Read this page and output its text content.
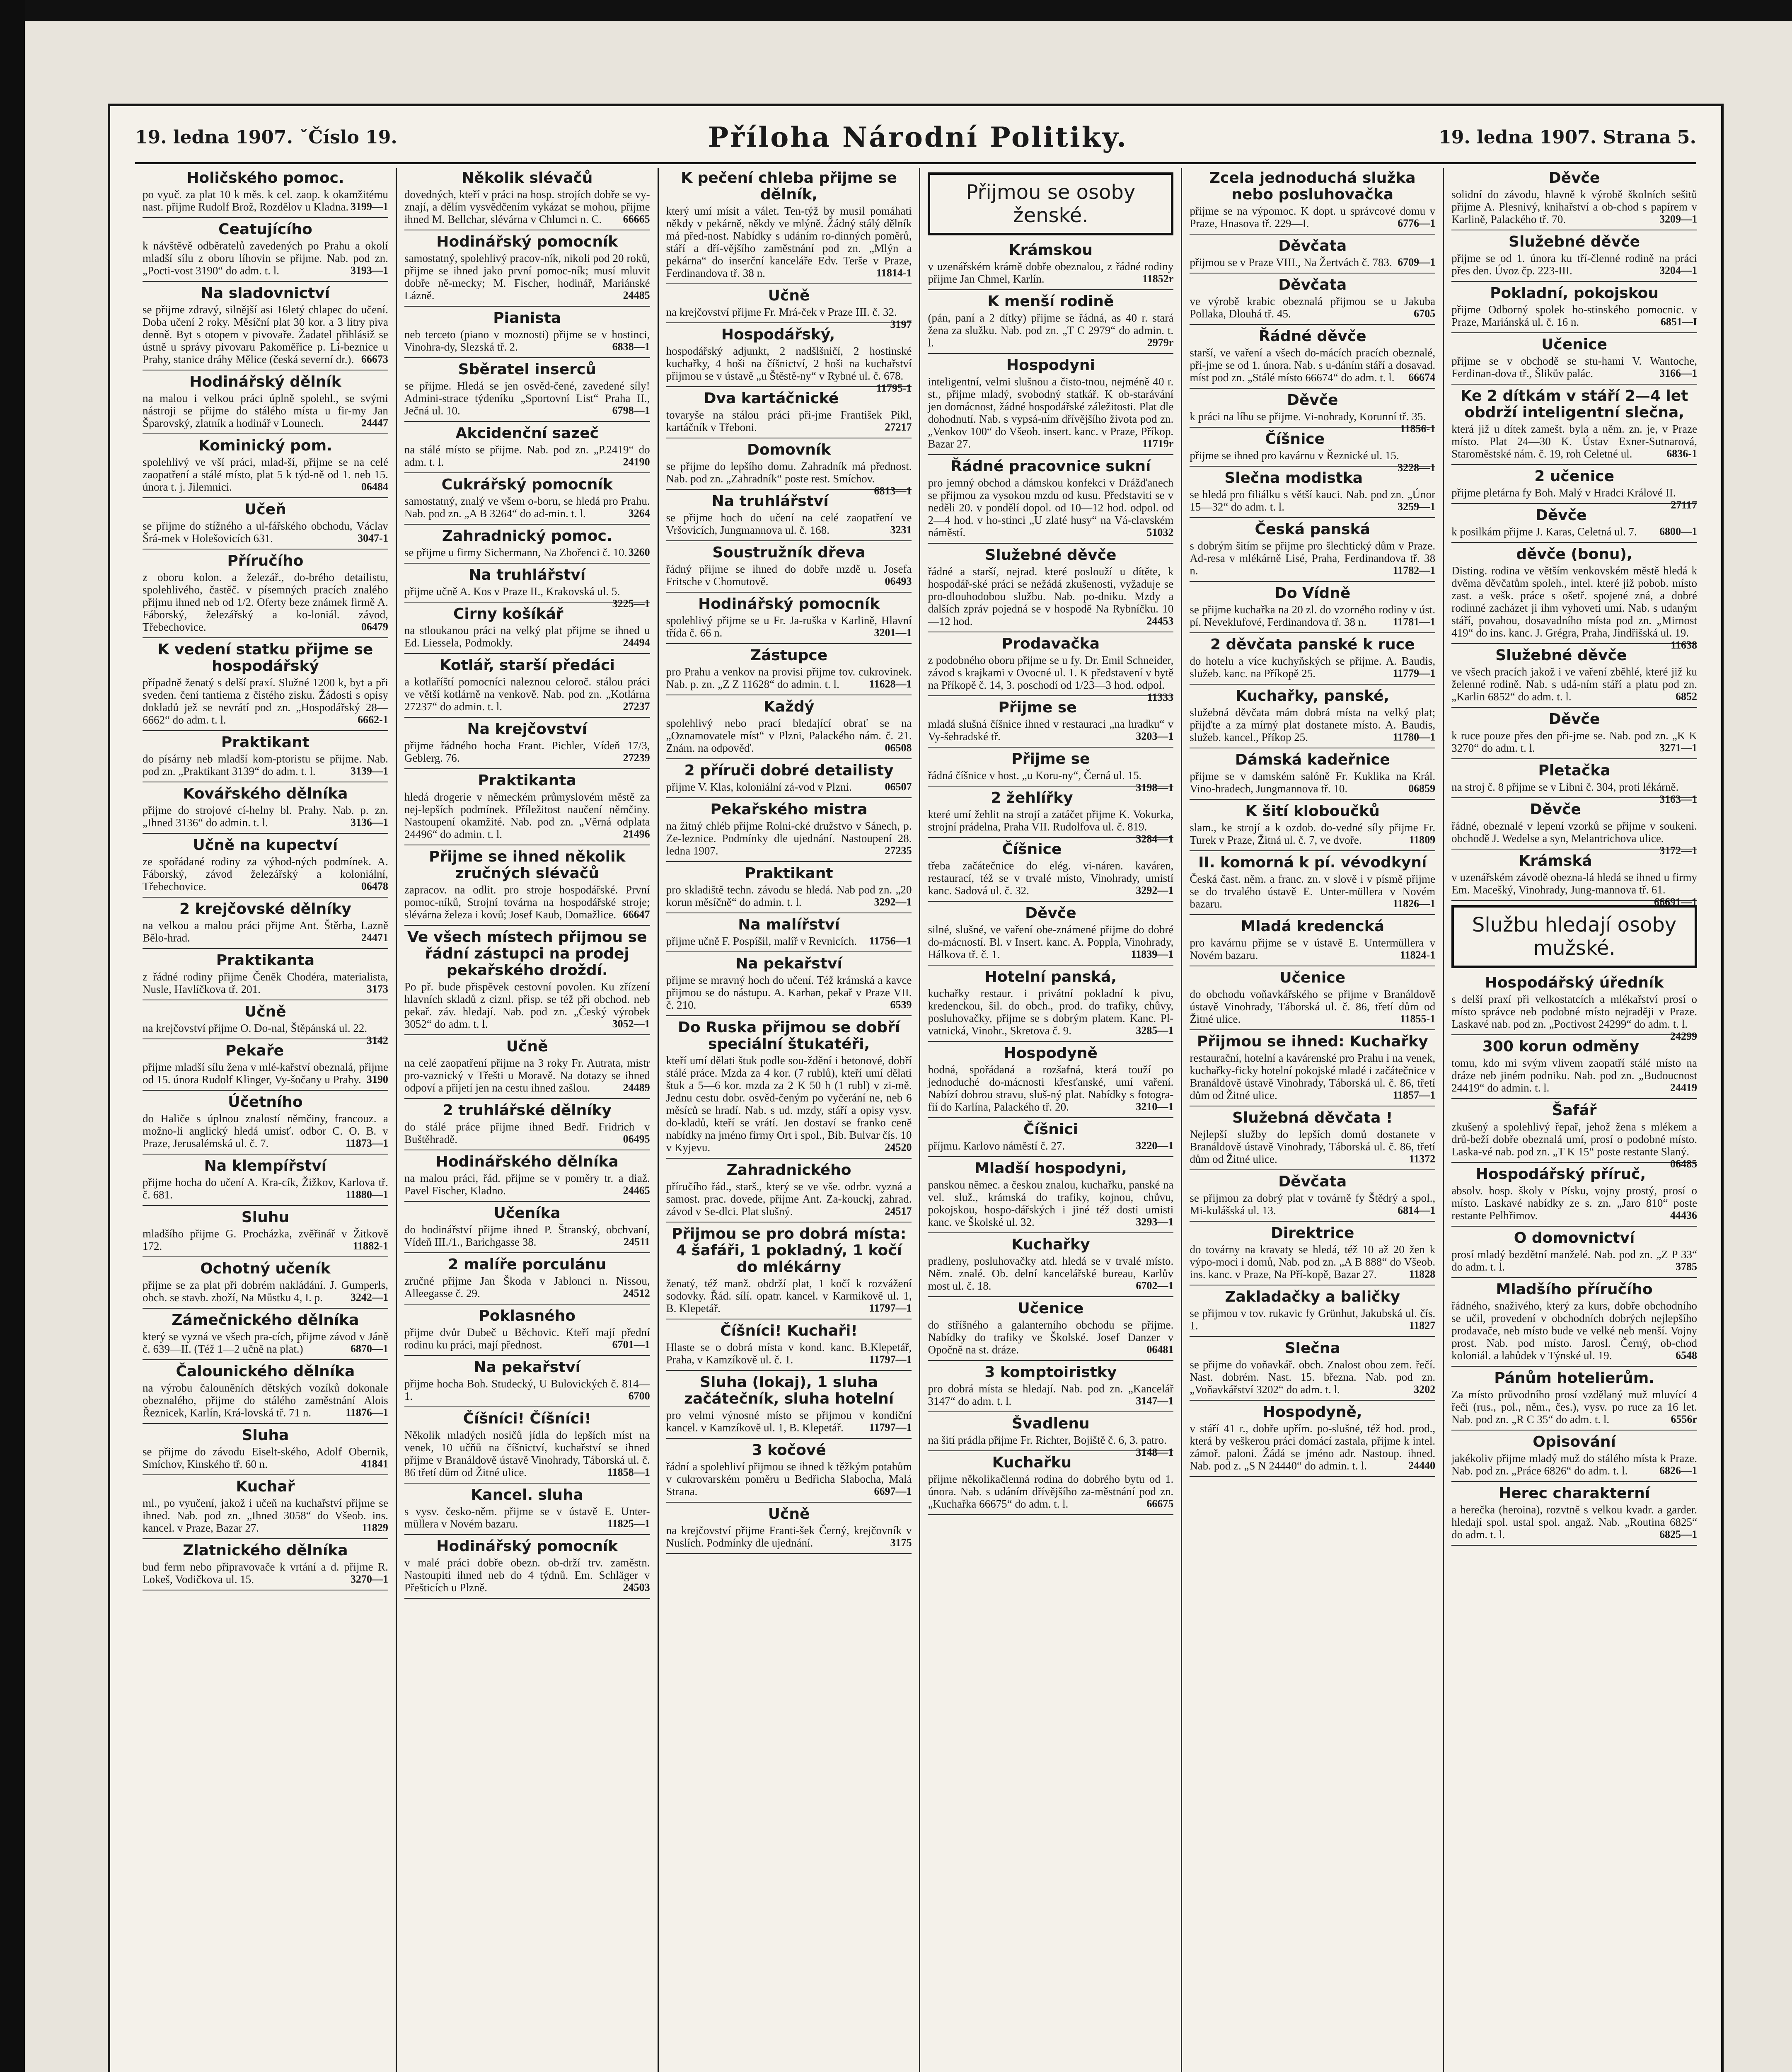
19. ledna 1907. ˇČíslo 19.	Příloha Národní Politiky.	19. ledna 1907. Strana 5.
Holičského pomoc.

po vyuč. za plat 10 k měs. k cel. zaop. k okamžitému nast. přijme Rudolf Brož, Rozdělov u Kladna. 3199—1

Ceatujícího

k návštěvě odběratelů zavedených po Prahu a okolí mladší sílu z oboru líhovin se přijme. Nab. pod zn. „Pocti-vost 3190“ do adm. t. l.	3193—1

Na sladovnictví

se přijme zdravý, silnější asi 16letý chlapec do učení. Doba učení 2 roky. Měsíční plat 30 kor. a 3 litry piva denně. Byt s otopem v pivovaře. Žadatel přihlásiž se ústně u správy pivovaru Pakoměřice p. Lí-beznice u Prahy, stanice dráhy Mělice (česká severní dr.). 66673

Hodinářský dělník

na malou i velkou práci úplně spolehl., se svými nástroji se přijme do stálého místa u fir-my Jan Šparovský, zlatník a hodinář v Lounech.	24447

Kominický pom.

spolehlivý ve vší práci, mlad-ší, přijme se na celé zaopatření a stálé místo, plat 5 k týd-ně od 1. neb 15. února t. j. Jilemnici.	06484

Učeň

se přijme do stížného a ul-fářského obchodu, Václav Šrá-mek v Holešovicích 631.	3047-1

Příručího

z oboru kolon. a železář., do-brého detailistu, spolehlivého, častěč. v písemných pracích znalého přijmu ihned neb od 1/2. Oferty beze známek firmě A. Fáborský, železářský a ko-loniál. závod, Třebechovice.	06479

K vedení statku přijme se hospodářský

případně ženatý s delší praxí. Služné 1200 k, byt a při sveden. čení tantiema z čistého zisku. Žádosti s opisy dokladů jež se nevrátí pod zn. „Hospodářský 28—6662“ do adm. t. l.	6662-1

Praktikant

do písárny neb mladší kom-ptoristu se přijme. Nab. pod zn. „Praktikant 3139“ do adm. t. l.	3139—1

Kovářského dělníka

přijme do strojové cí-helny bl. Prahy. Nab. p. zn. „Ihned 3136“ do admin. t. l.	3136—1

Učně na kupectví

ze spořádané rodiny za výhod-ných podmínek. A. Fáborský, závod železářský a koloniální, Třebechovice.	06478

2 krejčovské dělníky

na velkou a malou práci přijme Ant. Štěrba, Lazně Bělo-hrad.	24471

Praktikanta

z řádné rodiny přijme Čeněk Chodéra, materialista, Nusle, Havlíčkova tř. 201.	3173

Učně

na krejčovství přijme O. Do-nal, Štěpánská ul. 22.
3142

Pekaře

přijme mladší sílu žena v mlé-kařství obeznalá, přijme od 15. února Rudolf Klinger, Vy-šočany u Prahy. 3190

Účetního

do Haliče s úplnou znalostí němčiny, francouz. a možno-li anglický hledá umisť. odbor C. O. B. v Praze, Jerusalémská ul. č. 7.	11873—1

Na klempířství

přijme hocha do učení A. Kra-cík, Žižkov, Karlova tř. č. 681.	11880—1

Sluhu

mladšího přijme G. Procházka, zvěřinář v Žitkově 172.	11882-1

Ochotný učeník

přijme se za plat při dobrém nakládání. J. Gumperls, obch. se stavb. zboží, Na Můstku 4, I. p.	3242—1

Zámečnického dělníka

který se vyzná ve všech pra-cích, přijme závod v Jáně č. 639—II. (Též 1—2 učně na plat.)	6870—1

Čalounického dělníka

na výrobu čalouněních dětských vozíků dokonale obeznalého, přijme do stálého zaměstnání Alois Řeznicek, Karlín, Krá-lovská tř. 71 n.	11876—1

Sluha

se přijme do závodu Eiselt-ského, Adolf Obernik, Smíchov, Kinského tř. 60 n.	41841

Kuchař

ml., po vyučení, jakož i učeň na kuchařství přijme se ihned. Nab. pod zn. „Ihned 3058“ do Všeob. ins. kancel. v Praze, Bazar 27.	11829

Zlatnického dělníka

bud ferm nebo připravovače k vrtání a d. přijme R. Lokeš, Vodičkova ul. 15.	3270—1

Několik slévačů

dovedných, kteří v práci na hosp. strojích dobře se vy-znají, a dělím vysvědčením vykázat se mohou, přijme ihned M. Bellchar, slévárna v Chlumci n. C. 66665

Hodinářský pomocník

samostatný, spolehlivý pracov-ník, nikoli pod 20 roků, přijme se ihned jako první pomoc-ník; musí mluvit dobře ně-mecky; M. Fischer, hodinář, Mariánské Lázně.	24485

Pianista

neb terceto (piano v moznosti) přijme se v hostinci, Vinohra-dy, Slezská tř. 2.	6838—1

Sběratel inserců

se přijme. Hledá se jen osvěd-čené, zavedené síly! Admini-strace týdeníku „Sportovní List“ Praha II., Ječná ul. 10.	6798—1

Akcidenční sazeč

na stálé místo se přijme. Nab. pod zn. „P.2419“ do adm. t. l.	24190

Cukrářský pomocník

samostatný, znalý ve všem o-boru, se hledá pro Prahu. Nab. pod zn. „A B 3264“ do ad-min. t. l.	3264

Zahradnický pomoc.

se přijme u firmy Sichermann, Na Zbořenci č. 10. 3260

Na truhlářství

přijme učně A. Kos v Praze II., Krakovská ul. 5.
3225—1

Cirny košíkář

na stloukanou práci na velký plat přijme se ihned u Ed. Liessela, Podmokly.	24494

Kotlář, starší předáci

a kotlaříští pomocníci naleznou celoroč. stálou práci ve větší kotlárně na venkově. Nab. pod zn. „Kotlárna 27237“ do admin. t. l.	27237

Na krejčovství

přijme řádného hocha Frant. Pichler, Vídeň 17/3, Geblerg. 76.	27239

Praktikanta

hledá drogerie v německém průmyslovém městě za nej-lepších podmínek. Příležitost naučení němčiny. Nastoupení okamžité. Nab. pod zn. „Věrná odplata 24496“ do admin. t. l.	21496

Přijme se ihned několik zručných slévačů

zapracov. na odlit. pro stroje hospodářské. První pomoc-níků, Strojní továrna na hospodářské stroje; slévárna železa i kovů; Josef Kaub, Domažlice. 66647

Ve všech místech přijmou se řádní zástupci na prodej pekařského droždí.

Po př. bude přispěvek cestovní povolen. Ku zřízení hlavních skladů z ciznl. přisp. se též při obchod. neb pekař. záv. hledají. Nab. pod zn. „Český výrobek 3052“ do adm. t. l.	3052—1

Učně

na celé zaopatření přijme na 3 roky Fr. Autrata, mistr pro-vaznický v Třešti u Moravě. Na dotazy se ihned odpoví a přijetí jen na cestu ihned zašlou.	24489

2 truhlářské dělníky

do stálé práce přijme ihned Bedř. Fridrich v Buštěhradě.	06495

Hodinářského dělníka

na malou práci, řád. přijme se v poměry tr. a diaž. Pavel Fischer, Kladno.	24465

Učeníka

do hodinářství přijme ihned P. Štranský, obchvaní, Vídeň III./1., Barichgasse 38.	24511

2 malíře porculánu

zručné přijme Jan Škoda v Jablonci n. Nissou, Alleegasse č. 29.	24512

Poklasného

přijme dvůr Dubeč u Běchovic. Kteří mají přední rodinu ku práci, mají přednost.	6701—1

Na pekařství

přijme hocha Boh. Studecký, U Bulovických č. 814—1.	6700

Číšníci! Číšníci!

Několik mladých nosičů jídla do lepších míst na venek, 10 učňů na číšnictví, kuchařství se ihned přijme v Branáldově ústavě Vinohrady, Táborská ul. č. 86 třetí dům od Žitné ulice.	11858—1

Kancel. sluha

s vysv. česko-něm. přijme se v ústavě E. Unter-müllera v Novém bazaru.	11825—1

Hodinářský pomocník

v malé práci dobře obezn. ob-drží trv. zaměstn. Nastoupiti ihned neb do 4 týdnů. Em. Schläger v Přešticích u Plzně.	24503

K pečení chleba přijme se dělník,

který umí mísit a válet. Ten-týž by musil pomáhati někdy v pekárně, někdy ve mlýně. Žádný stálý dělník má před-nost. Nabídky s udáním ro-dinných poměrů, stáří a dří-vějšího zaměstnání pod zn. „Mlýn a pekárna“ do inserční kanceláře Edv. Terše v Praze, Ferdinandova tř. 38 n.	11814-1

Učně

na krejčovství přijme Fr. Mrá-ček v Praze III. č. 32.
3197

Hospodářský,

hospodářský adjunkt, 2 nadšlšničí, 2 hostinské kuchařky, 4 hoši na číšnictví, 2 hoši na kuchařství přijmou se v ústavě „u Štěstě-ny“ v Rybné ul. č. 678.
11795-1

Dva kartáčnické

tovaryše na stálou práci při-jme František Pikl, kartáčník v Třeboni.	27217

Domovník

se přijme do lepšího domu. Zahradník má přednost. Nab. pod zn. „Zahradník“ poste rest. Smíchov.
6813—1

Na truhlářství

se přijme hoch do učení na celé zaopatření ve Vršovicích, Jungmannova ul. č. 168.	3231

Soustružník dřeva

řádný přijme se ihned do dobře mzdě u. Josefa Fritsche v Chomutově.	06493

Hodinářský pomocník

spolehlivý přijme se u Fr. Ja-ruška v Karlině, Hlavní třída č. 66 n.	3201—1

Zástupce

pro Prahu a venkov na provisi přijme tov. cukrovinek. Nab. p. zn. „Z Z 11628“ do admin. t. l.	11628—1

Každý

spolehlivý nebo prací bledající obrať se na „Oznamovatele míst“ v Plzni, Palackého nám. č. 21. Znám. na odpověď.	06508

2 příruči dobré detailisty

přijme V. Klas, koloniální zá-vod v Plzni.	06507

Pekařského mistra

na žitný chléb přijme Rolni-cké družstvo v Sánech, p. Ze-leznice. Podmínky dle ujednání. Nastoupení 28. ledna 1907.	27235

Praktikant

pro skladiště techn. závodu se hledá. Nab pod zn. „20 korun měsíčně“ do admin. t. l.	3292—1

Na malířství

přijme učně F. Pospíšil, malíř v Revnicích. 11756—1

Na pekařství

přijme se mravný hoch do učení. Též krámská a kavce přijmou se do nástupu. A. Karhan, pekař v Praze VII. č. 210.	6539

Do Ruska přijmou se dobří speciální štukatéři,

kteří umí dělati štuk podle sou-ždění i betonové, dobří stálé práce. Mzda za 4 kor. (7 rublů), kteří umí dělati štuk a 5—6 kor. mzda za 2 K 50 h (1 rubl) v zi-mě. Jednu cestu dobr. osvěd-čeným po vyčerání ne, neb 6 měsíců se hradí. Nab. s ud. mzdy, stáří a opisy vysv. do-kladů, kteří se vrátí. Jen dostaví se franko ceně nabídky na jméno firmy Ort i spol., Bib. Bulvar čís. 10 v Kyjevu.	24520

Zahradnického

příručího řád., starš., který se ve vše. odrbr. vyzná a samost. prac. dovede, přijme Ant. Za-kouckj, zahrad. závod v Se-dlci. Plat slušný.	24517

Přijmou se pro dobrá místa: 4 šafáři, 1 pokladný, 1 kočí do mlékárny

ženatý, též manž. obdrží plat, 1 kočí k rozvážení sodovky. Řád. sílí. opatr. kancel. v Karmikově ul. 1, B. Klepetář.	11797—1

Číšníci! Kuchaři!

Hlaste se o dobrá místa v kond. kanc. B.Klepetář, Praha, v Kamzíkově ul. č. 1.	11797—1

Sluha (lokaj), 1 sluha začátečník, sluha hotelní

pro velmi výnosné místo se přijmou v kondiční kancel. v Kamzíkově ul. 1, B. Klepetář. 11797—1

3 kočové

řádní a spolehliví přijmou se ihned k těžkým potahům v cukrovarském poměru u Bedřicha Slabocha, Malá Strana.	6697—1

Učně

na krejčovství přijme Franti-šek Černý, krejčovník v Nuslích. Podmínky dle ujednání.	3175

Přijmou se osoby ženské.
Krámskou

v uzenářském krámě dobře obeznalou, z řádné rodiny přijme Jan Chmel, Karlín.	11852r

K menší rodině

(pán, paní a 2 dítky) přijme se řádná, as 40 r. stará žena za služku. Nab. pod zn. „T C 2979“ do admin. t. l.	2979r

Hospodyni

inteligentní, velmi slušnou a čisto-tnou, nejméně 40 r. st., přijme mladý, svobodný statkář. K ob-starávání jen domácnost, žádné hospodářské záležitosti. Plat dle dohodnutí. Nab. s vypsá-ním dřívějšího života pod zn. „Venkov 100“ do Všeob. insert. kanc. v Praze, Příkop. Bazar 27.	11719r

Řádné pracovnice sukní

pro jemný obchod a dámskou konfekci v Drážďanech se přijmou za vysokou mzdu od kusu. Představiti se v neděli 20. v pondělí dopol. od 10—12 hod. odpol. od 2—4 hod. v ho-stinci „U zlaté husy“ na Vá-clavském náměstí.	51032

Služebné děvče

řádné a starší, nejrad. které poslouží u dítěte, k hospodář-ské práci se nežádá zkušenosti, vyžaduje se pro-dlouhodobou službu. Nab. po-dniku. Mzdy a dalších zpráv pojedná se v hospodě Na Rybníčku. 10 —12 hod.	24453

Prodavačka

z podobného oboru přijme se u fy. Dr. Emil Schneider, závod s krajkami v Ovocné ul. 1. K představení v bytě na Příkopě č. 14, 3. poschodí od 1/23—3 hod. odpol.
11333

Přijme se

mladá slušná číšnice ihned v restauraci „na hradku“ v Vy-šehradské tř.	3203—1

Přijme se

řádná číšnice v host. „u Koru-ny“, Černá ul. 15.
3198—1

2 žehlířky

které umí žehlit na strojí a zatáčet přijme K. Vokurka, strojní prádelna, Praha VII. Rudolfova ul. č. 819.
3284—1

Číšnice

třeba začátečnice do elég. vi-náren. kaváren, restaurací, též se v trvalé místo, Vinohrady, umistí kanc. Sadová ul. č. 32.	3292—1

Děvče

silné, slušné, ve vaření obe-známené přijme do dobré do-mácností. Bl. v Insert. kanc. A. Poppla, Vinohrady, Hálkova tř. č. 1.	11839—1

Hotelní panská,

kuchařky restaur. i privátní pokladní k pivu, kredenckou, šil. do obch., prod. do trafiky, chůvy, posluhovačky, přijme se s dobrým platem. Kanc. Pl-vatnická, Vinohr., Skretova č. 9.	3285—1

Hospodyně

hodná, spořádaná a rozšafná, která touží po jednoduché do-mácnosti křesťanské, umí vaření. Nabízí dobrou stravu, sluš-ný plat. Nabídky s fotogra-fií do Karlína, Palackého tř. 20.	3210—1

Číšnici

příjmu. Karlovo náměstí č. 27.	3220—1

Mladší hospodyni,

panskou němec. a českou znalou, kuchařku, panské na vel. služ., krámská do trafiky, kojnou, chůvu, pokojskou, hospo-dářských i jiné též dosti umisti kanc. ve Školské ul. 32.	3293—1

Kuchařky

pradleny, posluhovačky atd. hledá se v trvalé místo. Něm. znalé. Ob. delní kancelářské bureau, Karlův most ul. č. 18.	6702—1

Učenice

do stříšného a galanterního obchodu se přijme. Nabídky do trafiky ve Školské. Josef Danzer v Opočně na st. dráze.	06481

3 komptoiristky

pro dobrá místa se hledají. Nab. pod zn. „Kancelář 3147“ do adm. t. l.	3147—1

Švadlenu

na šití prádla přijme Fr. Richter, Bojiště č. 6, 3. patro.
3148—1

Kuchařku

přijme několikačlenná rodina do dobrého bytu od 1. února. Nab. s udáním dřívějšího za-městnání pod zn. „Kuchařka 66675“ do adm. t. l.	66675

Zcela jednoduchá služka nebo posluhovačka

přijme se na výpomoc. K dopt. u správcové domu v Praze, Hnasova tř. 229—I.	6776—1

Děvčata

přijmou se v Praze VIII., Na Žertvách č. 783. 6709—1

Děvčata

ve výrobě krabic obeznalá přijmou se u Jakuba Pollaka, Dlouhá tř. 45.	6705

Řádné děvče

starší, ve vaření a všech do-mácích pracích obeznalé, při-jme se od 1. února. Nab. s u-dáním stáří a dosavad. míst pod zn. „Stálé místo 66674“ do adm. t. l. 66674

Děvče

k práci na líhu se přijme. Vi-nohrady, Korunní tř. 35.
11856-1

Číšnice

přijme se ihned pro kavárnu v Řeznické ul. 15.
3228—1

Slečna modistka

se hledá pro filiálku s větší kauci. Nab. pod zn. „Únor 15—32“ do adm. t. l.	3259—1

Česká panská

s dobrým šitím se přijme pro šlechtický dům v Praze. Ad-resa v mlékárně Lisé, Praha, Ferdinandova tř. 38 n.	11782—1

Do Vídně

se přijme kuchařka na 20 zl. do vzorného rodiny v úst. pí. Neveklufové, Ferdinandova tř. 38 n. 11781—1

2 děvčata panské k ruce

do hotelu a více kuchyňských se přijme. A. Baudis, služeb. kanc. na Příkopě 25.	11779—1

Kuchařky, panské,

služebná děvčata mám dobrá místa na velký plat; přijďte a za mírný plat dostanete místo. A. Baudis, služeb. kancel., Příkop 25.	11780—1

Dámská kadeřnice

přijme se v damském salóně Fr. Kuklika na Král. Vino-hradech, Jungmannova tř. 10.	06859

K šití kloboučků

slam., ke strojí a k ozdob. do-vedné síly přijme Fr. Turek v Praze, Žitná ul. č. 7, ve dvoře.	11809

II. komorná k pí. vévodkyní

Česká čast. něm. a franc. zn. v slově i v písmě přijme se do trvalého ústavě E. Unter-müllera v Novém bazaru.	11826—1

Mladá kredencká

pro kavárnu přijme se v ústavě E. Untermüllera v Novém bazaru.	11824-1

Učenice

do obchodu voňavkářského se přijme v Branáldově ústavě Vinohrady, Táborská ul. č. 86, třetí dům od Žitné ulice.	11855-1

Přijmou se ihned: Kuchařky

restaurační, hotelní a kavárenské pro Prahu i na venek, kuchařky-ficky hotelní pokojské mladé i začátečnice v Branáldově ústavě Vinohrady, Táborská ul. č. 86, třetí dům od Žitné ulice.	11857—1

Služebná děvčata !

Nejlepší služby do lepších domů dostanete v Branáldově ústavě Vinohrady, Táborská ul. č. 86, třetí dům od Žitné ulice.	11372

Děvčata

se přijmou za dobrý plat v továrně fy Štědrý a spol., Mi-kulášská ul. 13.	6814—1

Direktrice

do továrny na kravaty se hledá, též 10 až 20 žen k výpo-moci i domů, Nab. pod zn. „A B 888“ do Všeob. ins. kanc. v Praze, Na Pří-kopě, Bazar 27.	11828

Zakladačky a baličky

se přijmou v tov. rukavic fy Grünhut, Jakubská ul. čís. 1.	11827

Slečna

se přijme do voňavkář. obch. Znalost obou zem. řečí. Nast. dobrém. Nast. 15. března. Nab. pod zn. „Voňavkářství 3202“ do adm. t. l.	3202

Hospodyně,

v stáří 41 r., dobře upřím. po-slušné, též hod. prod., která by veškerou práci domácí zastala, přijme k intel. zámoř. paloni. Žádá se jméno adr. Nastoup. ihned. Nab. pod z. „S N 24440“ do admin. t. l.	24440

Děvče

solidní do závodu, hlavně k výrobě školních sešitů přijme A. Plesnivý, knihařství a ob-chod s papírem v Karlině, Palackého tř. 70.	3209—1

Služebné děvče

přijme se od 1. února ku tří-členné rodině na práci přes den. Úvoz čp. 223-III.	3204—1

Pokladní, pokojskou

přijme Odborný spolek ho-stinského pomocnic. v Praze, Mariánská ul. č. 16 n.	6851—I

Učenice

přijme se v obchodě se stu-hami V. Wantoche, Ferdinan-dova tř., Šlikův palác.	3166—1

Ke 2 dítkám v stáří 2—4 let obdrží inteligentní slečna,

která již u dítek zamešt. byla a něm. zn. je, v Praze místo. Plat 24—30 K. Ústav Exner-Sutnarová, Staroměstské nám. č. 19, roh Celetné ul.	6836-1

2 učenice

přijme pletárna fy Boh. Malý v Hradci Králové II.
27117

Děvče

k posilkám přijme J. Karas, Celetná ul. 7. 6800—1

děvče (bonu),

Disting. rodina ve větším venkovském městě hledá k dvěma děvčatům spoleh., intel. které již pobob. místo zast. a vešk. práce s ošetř. spojené zná, a dobré rodinné zacházet ji ihm vyhovetí umí. Nab. s udaným stáří, povahou, dosavadního místa pod zn. „Mirnost 419“ do ins. kanc. J. Grégra, Praha, Jindřišská ul. 19.
11638

Služebné děvče

ve všech pracích jakož i ve vaření zběhlé, které již ku želenné rodině. Nab. s udá-ním stáří a platu pod zn. „Karlin 6852“ do adm. t. l.	6852

Děvče

k ruce pouze přes den při-jme se. Nab. pod zn. „K K 3270“ do adm. t. l.	3271—1

Pletačka

na stroj č. 8 přijme se v Libni č. 304, proti lékárně.
3163—1

Děvče

řádné, obeznalé v lepení vzorků se přijme v soukeni. obchodě J. Wedelse a syn, Melantrichova ulice.
3172—1

Krámská

v uzenářském závodě obezna-lá hledá se ihned u firmy Em. Macešký, Vinohrady, Jung-mannova tř. 61.
66691—1

Službu hledají osoby mužské.
Hospodářský úředník

s delší praxí při velkostatcích a mlékařství prosí o místo správce neb podobné místo nejraději v Praze. Laskavé nab. pod zn. „Poctivost 24299“ do adm. t. l.
24299

300 korun odměny

tomu, kdo mi svým vlivem zaopatří stálé místo na dráze neb jiném podniku. Nab. pod zn. „Budoucnost 24419“ do admin. t. l.	24419

Šafář

zkušený a spolehlivý řepař, jehož žena s mlékem a drů-beží dobře obeznalá umí, prosí o podobné místo. Laska-vé nab. pod zn. „T K 15“ poste restante Slaný.
06485

Hospodářský příruč,

absolv. hosp. školy v Písku, vojny prostý, prosí o místo. Laskavé nabídky ze s. zn. „Jaro 810“ poste restante Pelhřimov.	44436

O domovnictví

prosí mladý bezdětní manželé. Nab. pod zn. „Z P 33“ do adm. t. l.	3785

Mladšího příručího

řádného, snaživého, který za kurs, dobře obchodního se učil, provedení v obchodních dobrých nejlepšího prodavače, neb místo bude ve velké neb menší. Vojny prost. Nab. pod místo. Jarosl. Černý, ob-chod koloniál. a lahůdek v Týnské ul. 19.	6548

Pánům hotelierům.

Za místo průvodního prosí vzdělaný muž mluvící 4 řeči (rus., pol., něm., čes.), vysv. po ruce za 16 let. Nab. pod zn. „R C 35“ do adm. t. l.	6556r

Opisování

jakékoliv přijme mladý muž do stálého místa k Praze. Nab. pod zn. „Práce 6826“ do adm. t. l.	6826—1

Herec charakterní

a herečka (heroina), rozvtně s velkou kvadr. a garder. hledají spol. ustal spol. angaž. Nab. „Routina 6825“ do adm. t. l.	6825—1
